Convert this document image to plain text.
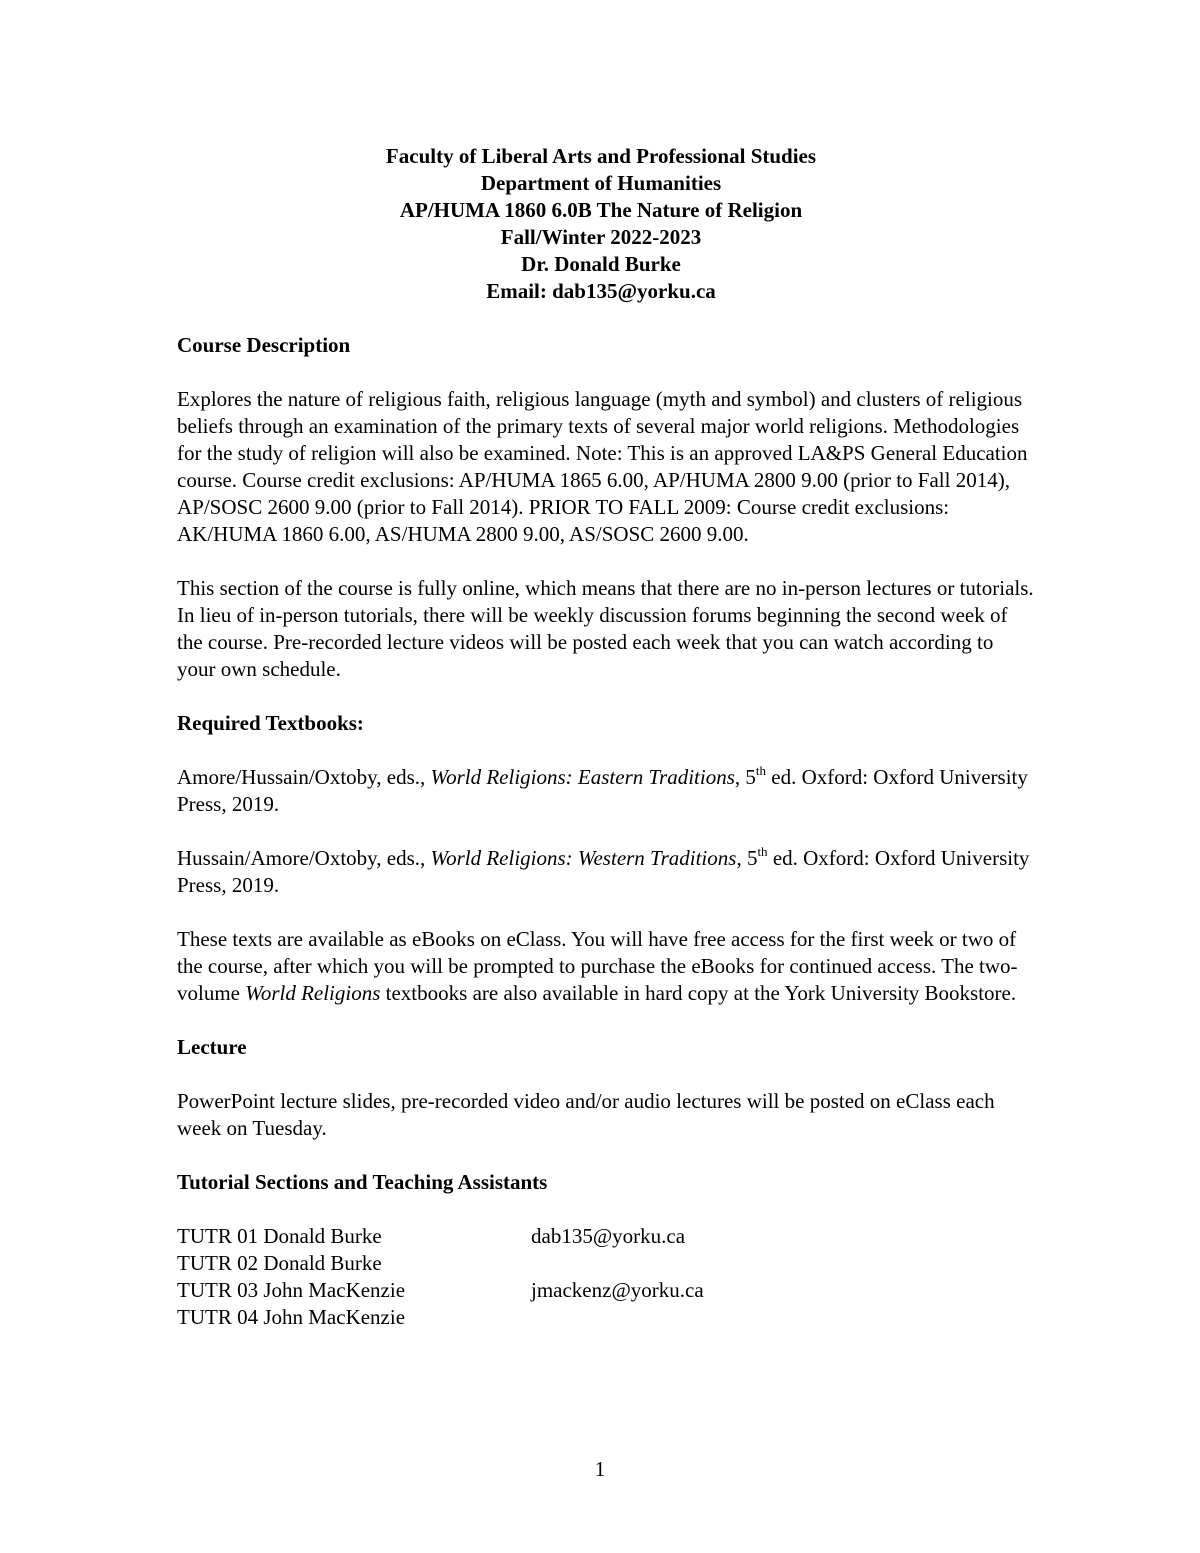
Faculty of Liberal Arts and Professional Studies
Department of Humanities
AP/HUMA 1860 6.0B The Nature of Religion
Fall/Winter 2022-2023
Dr. Donald Burke
Email: dab135@yorku.ca
Course Description

Explores the nature of religious faith, religious language (myth and symbol) and clusters of religious beliefs through an examination of the primary texts of several major world religions. Methodologies for the study of religion will also be examined. Note: This is an approved LA&PS General Education course. Course credit exclusions: AP/HUMA 1865 6.00, AP/HUMA 2800 9.00 (prior to Fall 2014), AP/SOSC 2600 9.00 (prior to Fall 2014). PRIOR TO FALL 2009: Course credit exclusions: AK/HUMA 1860 6.00, AS/HUMA 2800 9.00, AS/SOSC 2600 9.00.

This section of the course is fully online, which means that there are no in-person lectures or tutorials. In lieu of in-person tutorials, there will be weekly discussion forums beginning the second week of the course. Pre-recorded lecture videos will be posted each week that you can watch according to your own schedule.

Required Textbooks:

Amore/Hussain/Oxtoby, eds., World Religions: Eastern Traditions, 5th ed. Oxford: Oxford University Press, 2019.

Hussain/Amore/Oxtoby, eds., World Religions: Western Traditions, 5th ed. Oxford: Oxford University Press, 2019.

These texts are available as eBooks on eClass. You will have free access for the first week or two of the course, after which you will be prompted to purchase the eBooks for continued access. The two-volume World Religions textbooks are also available in hard copy at the York University Bookstore.

Lecture

PowerPoint lecture slides, pre-recorded video and/or audio lectures will be posted on eClass each week on Tuesday.

Tutorial Sections and Teaching Assistants
TUTR 01 Donald Burke	dab135@yorku.ca
TUTR 02 Donald Burke
TUTR 03 John MacKenzie	jmackenz@yorku.ca
TUTR 04 John MacKenzie
1
